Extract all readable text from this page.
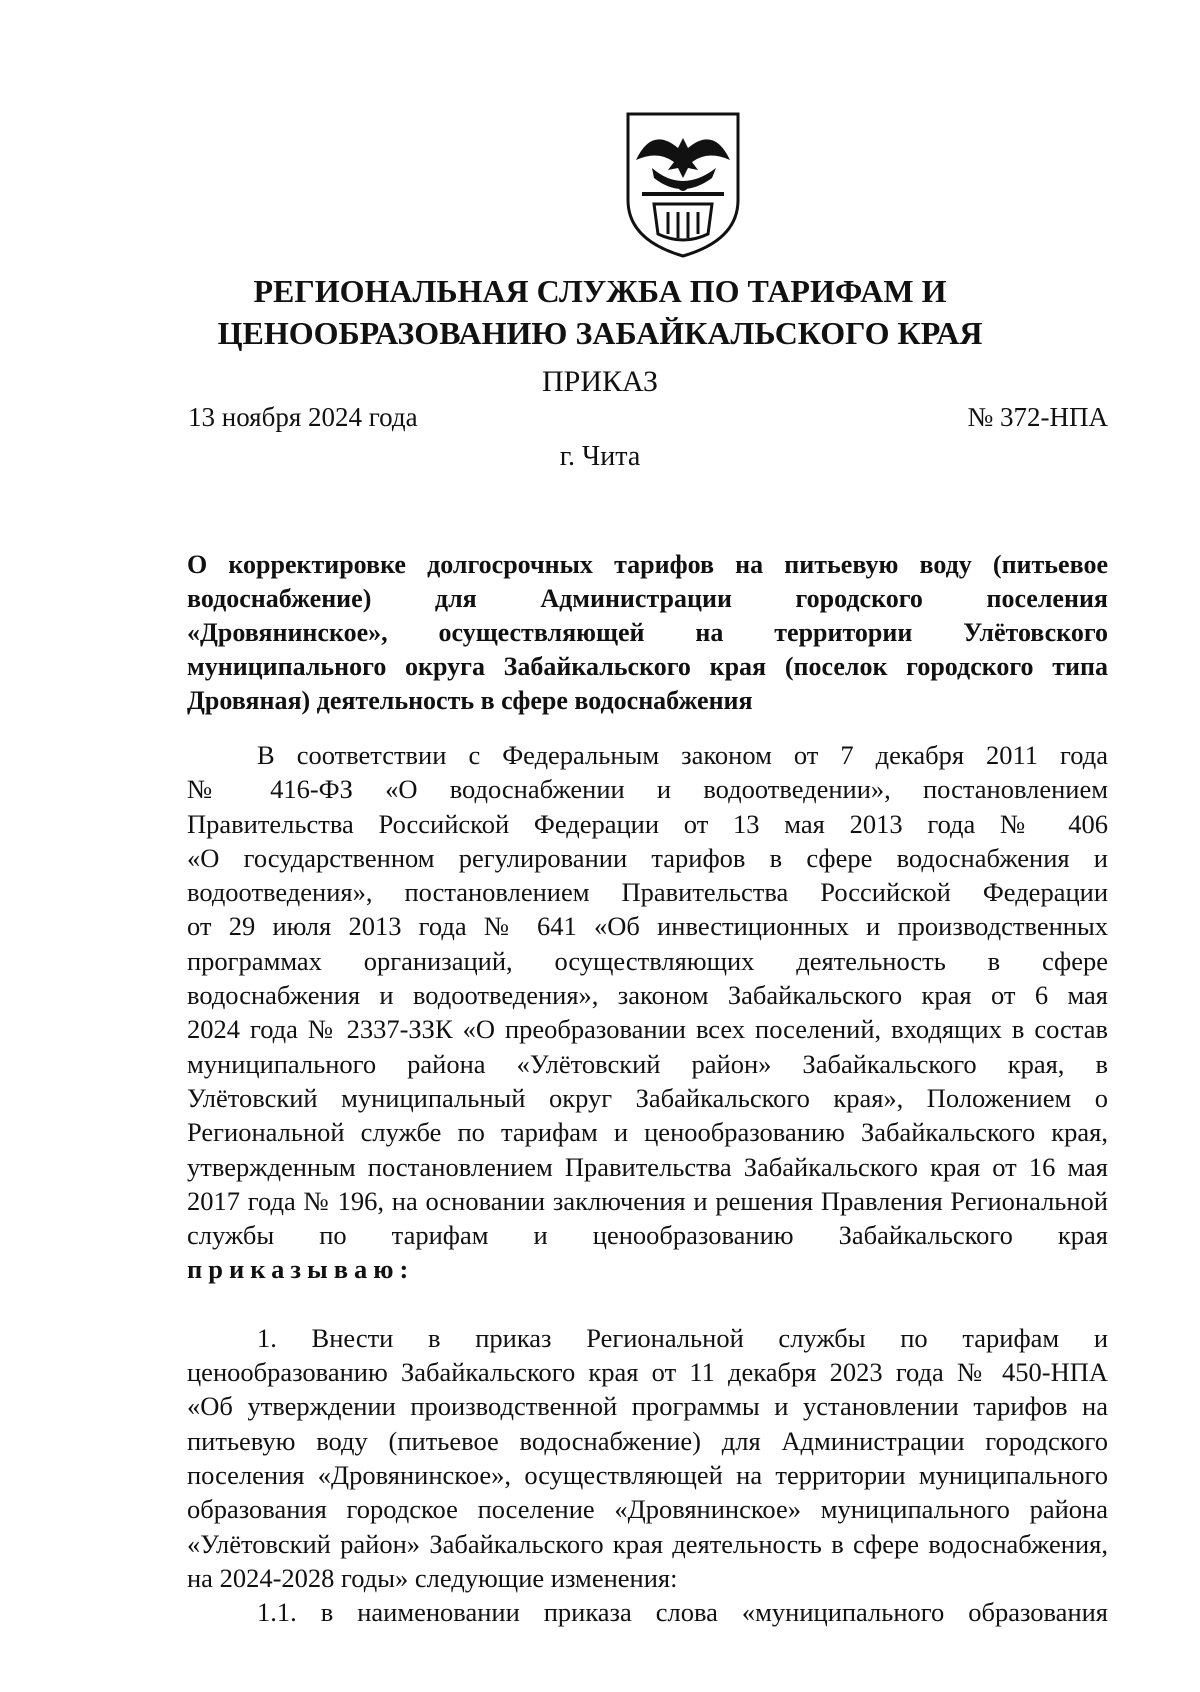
РЕГИОНАЛЬНАЯ СЛУЖБА ПО ТАРИФАМ И
ЦЕНООБРАЗОВАНИЮ ЗАБАЙКАЛЬСКОГО КРАЯ
ПРИКАЗ
13 ноября 2024 года	№ 372-НПА
г. Чита
О корректировке долгосрочных тарифов на питьевую воду (питьевое
водоснабжение) для Администрации городского поселения
«Дровянинское», осуществляющей на территории Улётовского
муниципального округа Забайкальского края (поселок городского типа
Дровяная) деятельность в сфере водоснабжения
В соответствии с Федеральным законом от 7 декабря 2011 года
№ 416-ФЗ «О водоснабжении и водоотведении», постановлением
Правительства Российской Федерации от 13 мая 2013 года № 406
«О государственном регулировании тарифов в сфере водоснабжения и
водоотведения», постановлением Правительства Российской Федерации
от 29 июля 2013 года № 641 «Об инвестиционных и производственных
программах организаций, осуществляющих деятельность в сфере
водоснабжения и водоотведения», законом Забайкальского края от 6 мая
2024 года № 2337-ЗЗК «О преобразовании всех поселений, входящих в состав
муниципального района «Улётовский район» Забайкальского края, в
Улётовский муниципальный округ Забайкальского края», Положением о
Региональной службе по тарифам и ценообразованию Забайкальского края,
утвержденным постановлением Правительства Забайкальского края от 16 мая
2017 года № 196, на основании заключения и решения Правления Региональной
службы по тарифам и ценообразованию Забайкальского края
приказываю:
1. Внести в приказ Региональной службы по тарифам и
ценообразованию Забайкальского края от 11 декабря 2023 года № 450-НПА
«Об утверждении производственной программы и установлении тарифов на
питьевую воду (питьевое водоснабжение) для Администрации городского
поселения «Дровянинское», осуществляющей на территории муниципального
образования городское поселение «Дровянинское» муниципального района
«Улётовский район» Забайкальского края деятельность в сфере водоснабжения,
на 2024-2028 годы» следующие изменения:
1.1. в наименовании приказа слова «муниципального образования
